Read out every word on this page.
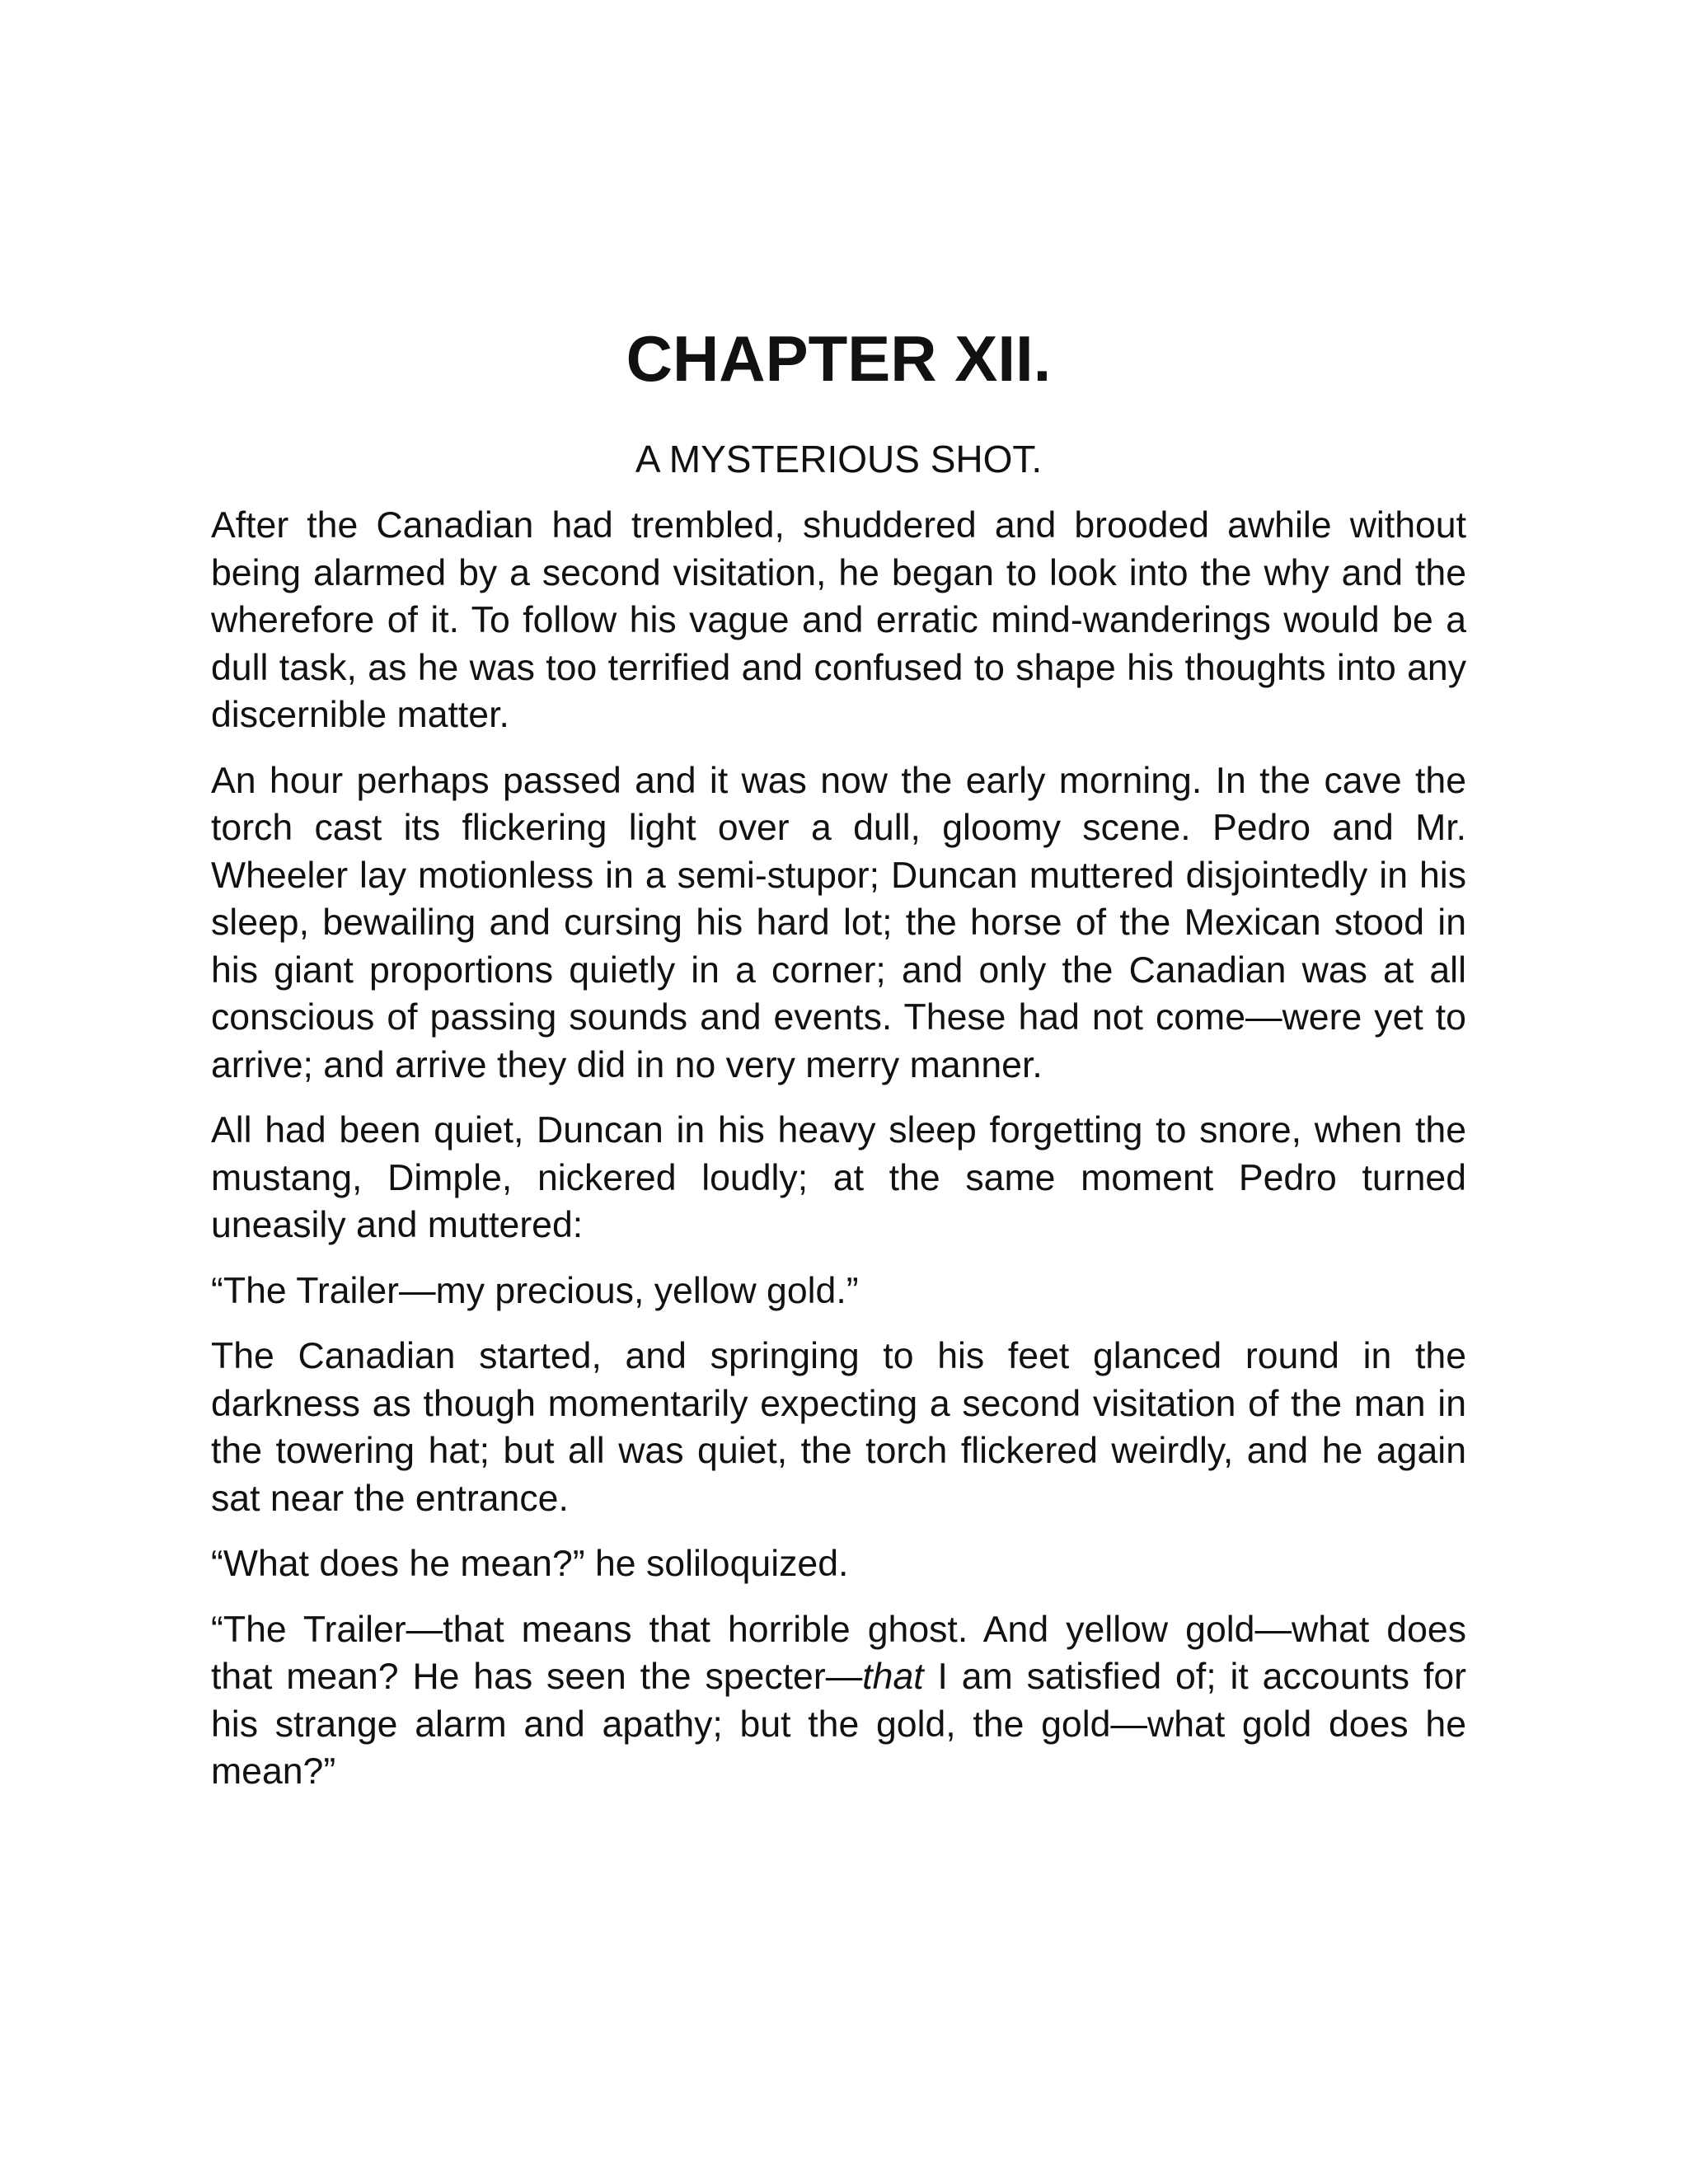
CHAPTER XII.
A MYSTERIOUS SHOT.

After the Canadian had trembled, shuddered and brooded awhile without being alarmed by a second visitation, he began to look into the why and the wherefore of it. To follow his vague and erratic mind-wanderings would be a dull task, as he was too terrified and confused to shape his thoughts into any discernible matter.

An hour perhaps passed and it was now the early morning. In the cave the torch cast its flickering light over a dull, gloomy scene. Pedro and Mr. Wheeler lay motionless in a semi-stupor; Duncan muttered disjointedly in his sleep, bewailing and cursing his hard lot; the horse of the Mexican stood in his giant proportions quietly in a corner; and only the Canadian was at all conscious of passing sounds and events. These had not come—were yet to arrive; and arrive they did in no very merry manner.

All had been quiet, Duncan in his heavy sleep forgetting to snore, when the mustang, Dimple, nickered loudly; at the same moment Pedro turned uneasily and muttered:

“The Trailer—my precious, yellow gold.”

The Canadian started, and springing to his feet glanced round in the darkness as though momentarily expecting a second visitation of the man in the towering hat; but all was quiet, the torch flickered weirdly, and he again sat near the entrance.

“What does he mean?” he soliloquized.

“The Trailer—that means that horrible ghost. And yellow gold—what does that mean? He has seen the specter—that I am satisfied of; it accounts for his strange alarm and apathy; but the gold, the gold—what gold does he mean?”
